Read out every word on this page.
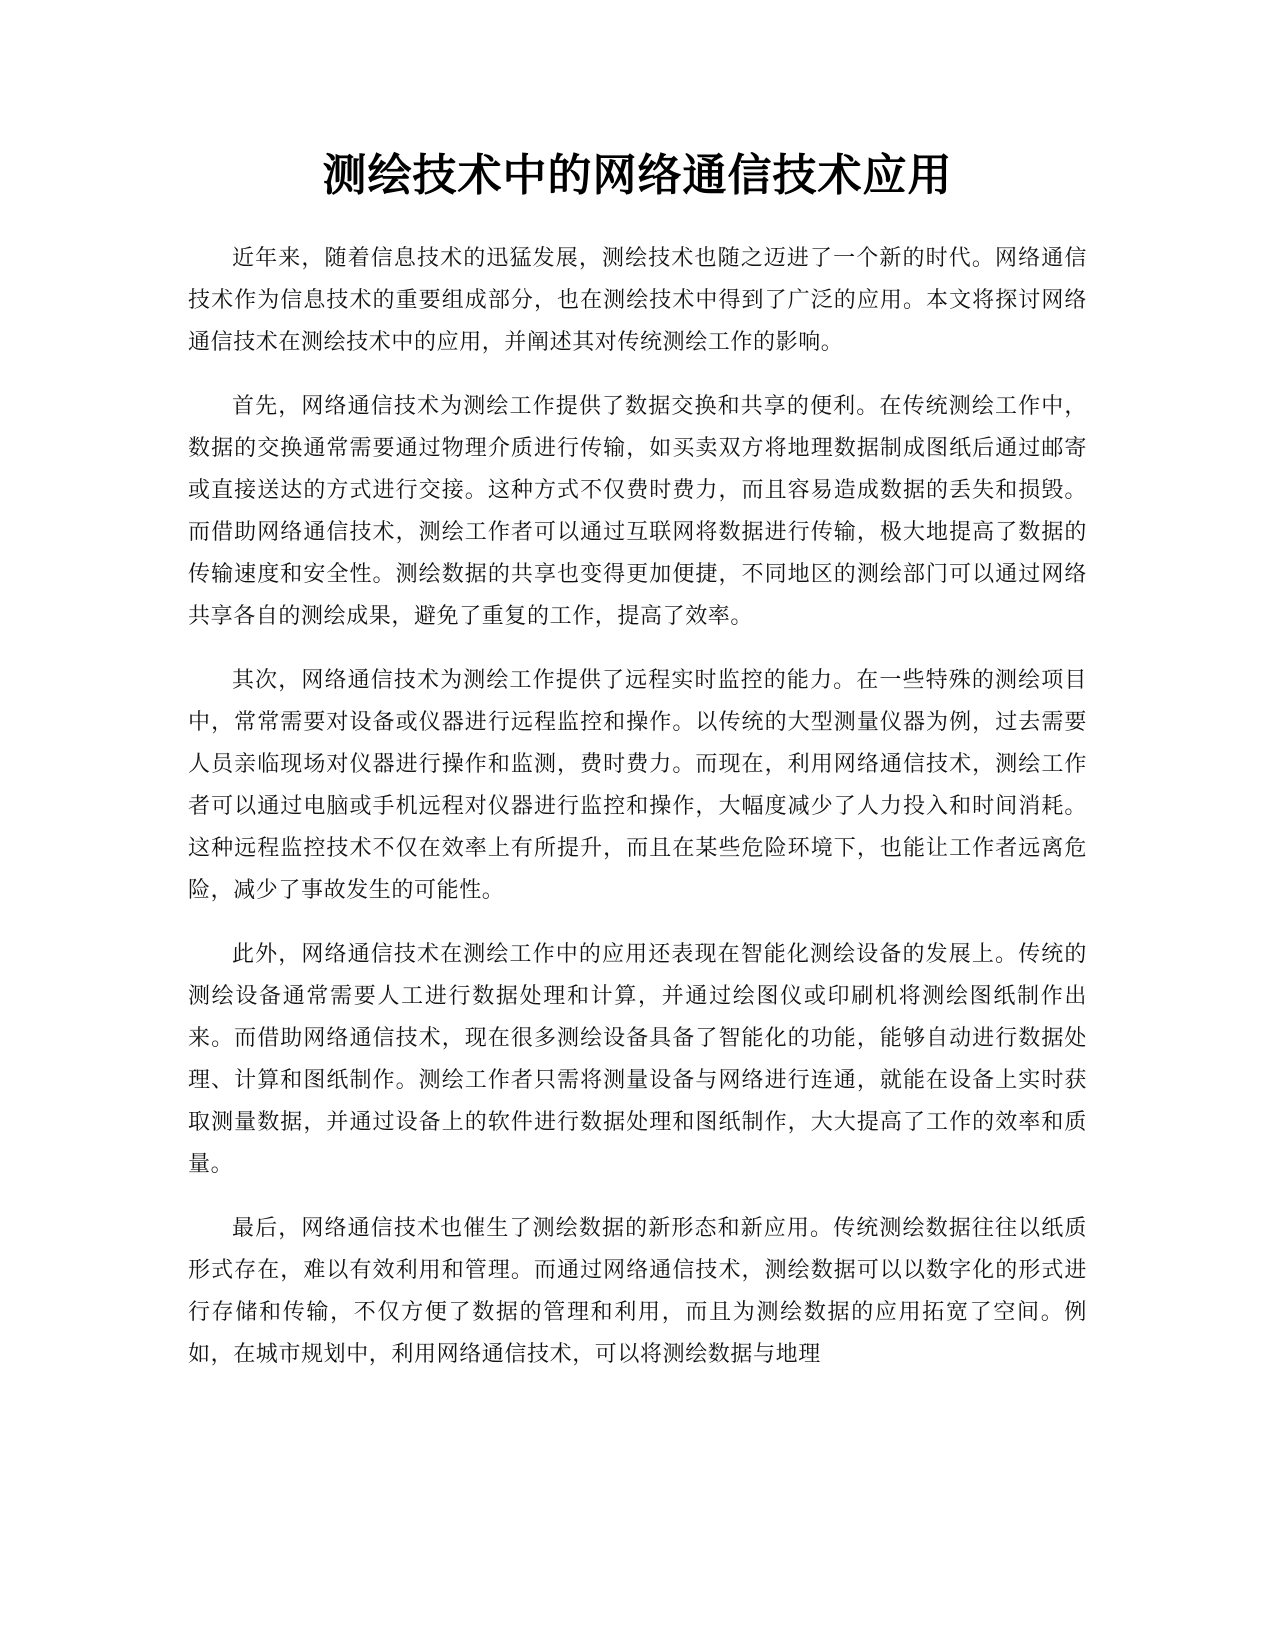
测绘技术中的网络通信技术应用

近年来，随着信息技术的迅猛发展，测绘技术也随之迈进了一个新的时代。网络通信技术作为信息技术的重要组成部分，也在测绘技术中得到了广泛的应用。本文将探讨网络通信技术在测绘技术中的应用，并阐述其对传统测绘工作的影响。

首先，网络通信技术为测绘工作提供了数据交换和共享的便利。在传统测绘工作中，数据的交换通常需要通过物理介质进行传输，如买卖双方将地理数据制成图纸后通过邮寄或直接送达的方式进行交接。这种方式不仅费时费力，而且容易造成数据的丢失和损毁。而借助网络通信技术，测绘工作者可以通过互联网将数据进行传输，极大地提高了数据的传输速度和安全性。测绘数据的共享也变得更加便捷，不同地区的测绘部门可以通过网络共享各自的测绘成果，避免了重复的工作，提高了效率。

其次，网络通信技术为测绘工作提供了远程实时监控的能力。在一些特殊的测绘项目中，常常需要对设备或仪器进行远程监控和操作。以传统的大型测量仪器为例，过去需要人员亲临现场对仪器进行操作和监测，费时费力。而现在，利用网络通信技术，测绘工作者可以通过电脑或手机远程对仪器进行监控和操作，大幅度减少了人力投入和时间消耗。这种远程监控技术不仅在效率上有所提升，而且在某些危险环境下，也能让工作者远离危险，减少了事故发生的可能性。

此外，网络通信技术在测绘工作中的应用还表现在智能化测绘设备的发展上。传统的测绘设备通常需要人工进行数据处理和计算，并通过绘图仪或印刷机将测绘图纸制作出来。而借助网络通信技术，现在很多测绘设备具备了智能化的功能，能够自动进行数据处理、计算和图纸制作。测绘工作者只需将测量设备与网络进行连通，就能在设备上实时获取测量数据，并通过设备上的软件进行数据处理和图纸制作，大大提高了工作的效率和质量。

最后，网络通信技术也催生了测绘数据的新形态和新应用。传统测绘数据往往以纸质形式存在，难以有效利用和管理。而通过网络通信技术，测绘数据可以以数字化的形式进行存储和传输，不仅方便了数据的管理和利用，而且为测绘数据的应用拓宽了空间。例如，在城市规划中，利用网络通信技术，可以将测绘数据与地理
